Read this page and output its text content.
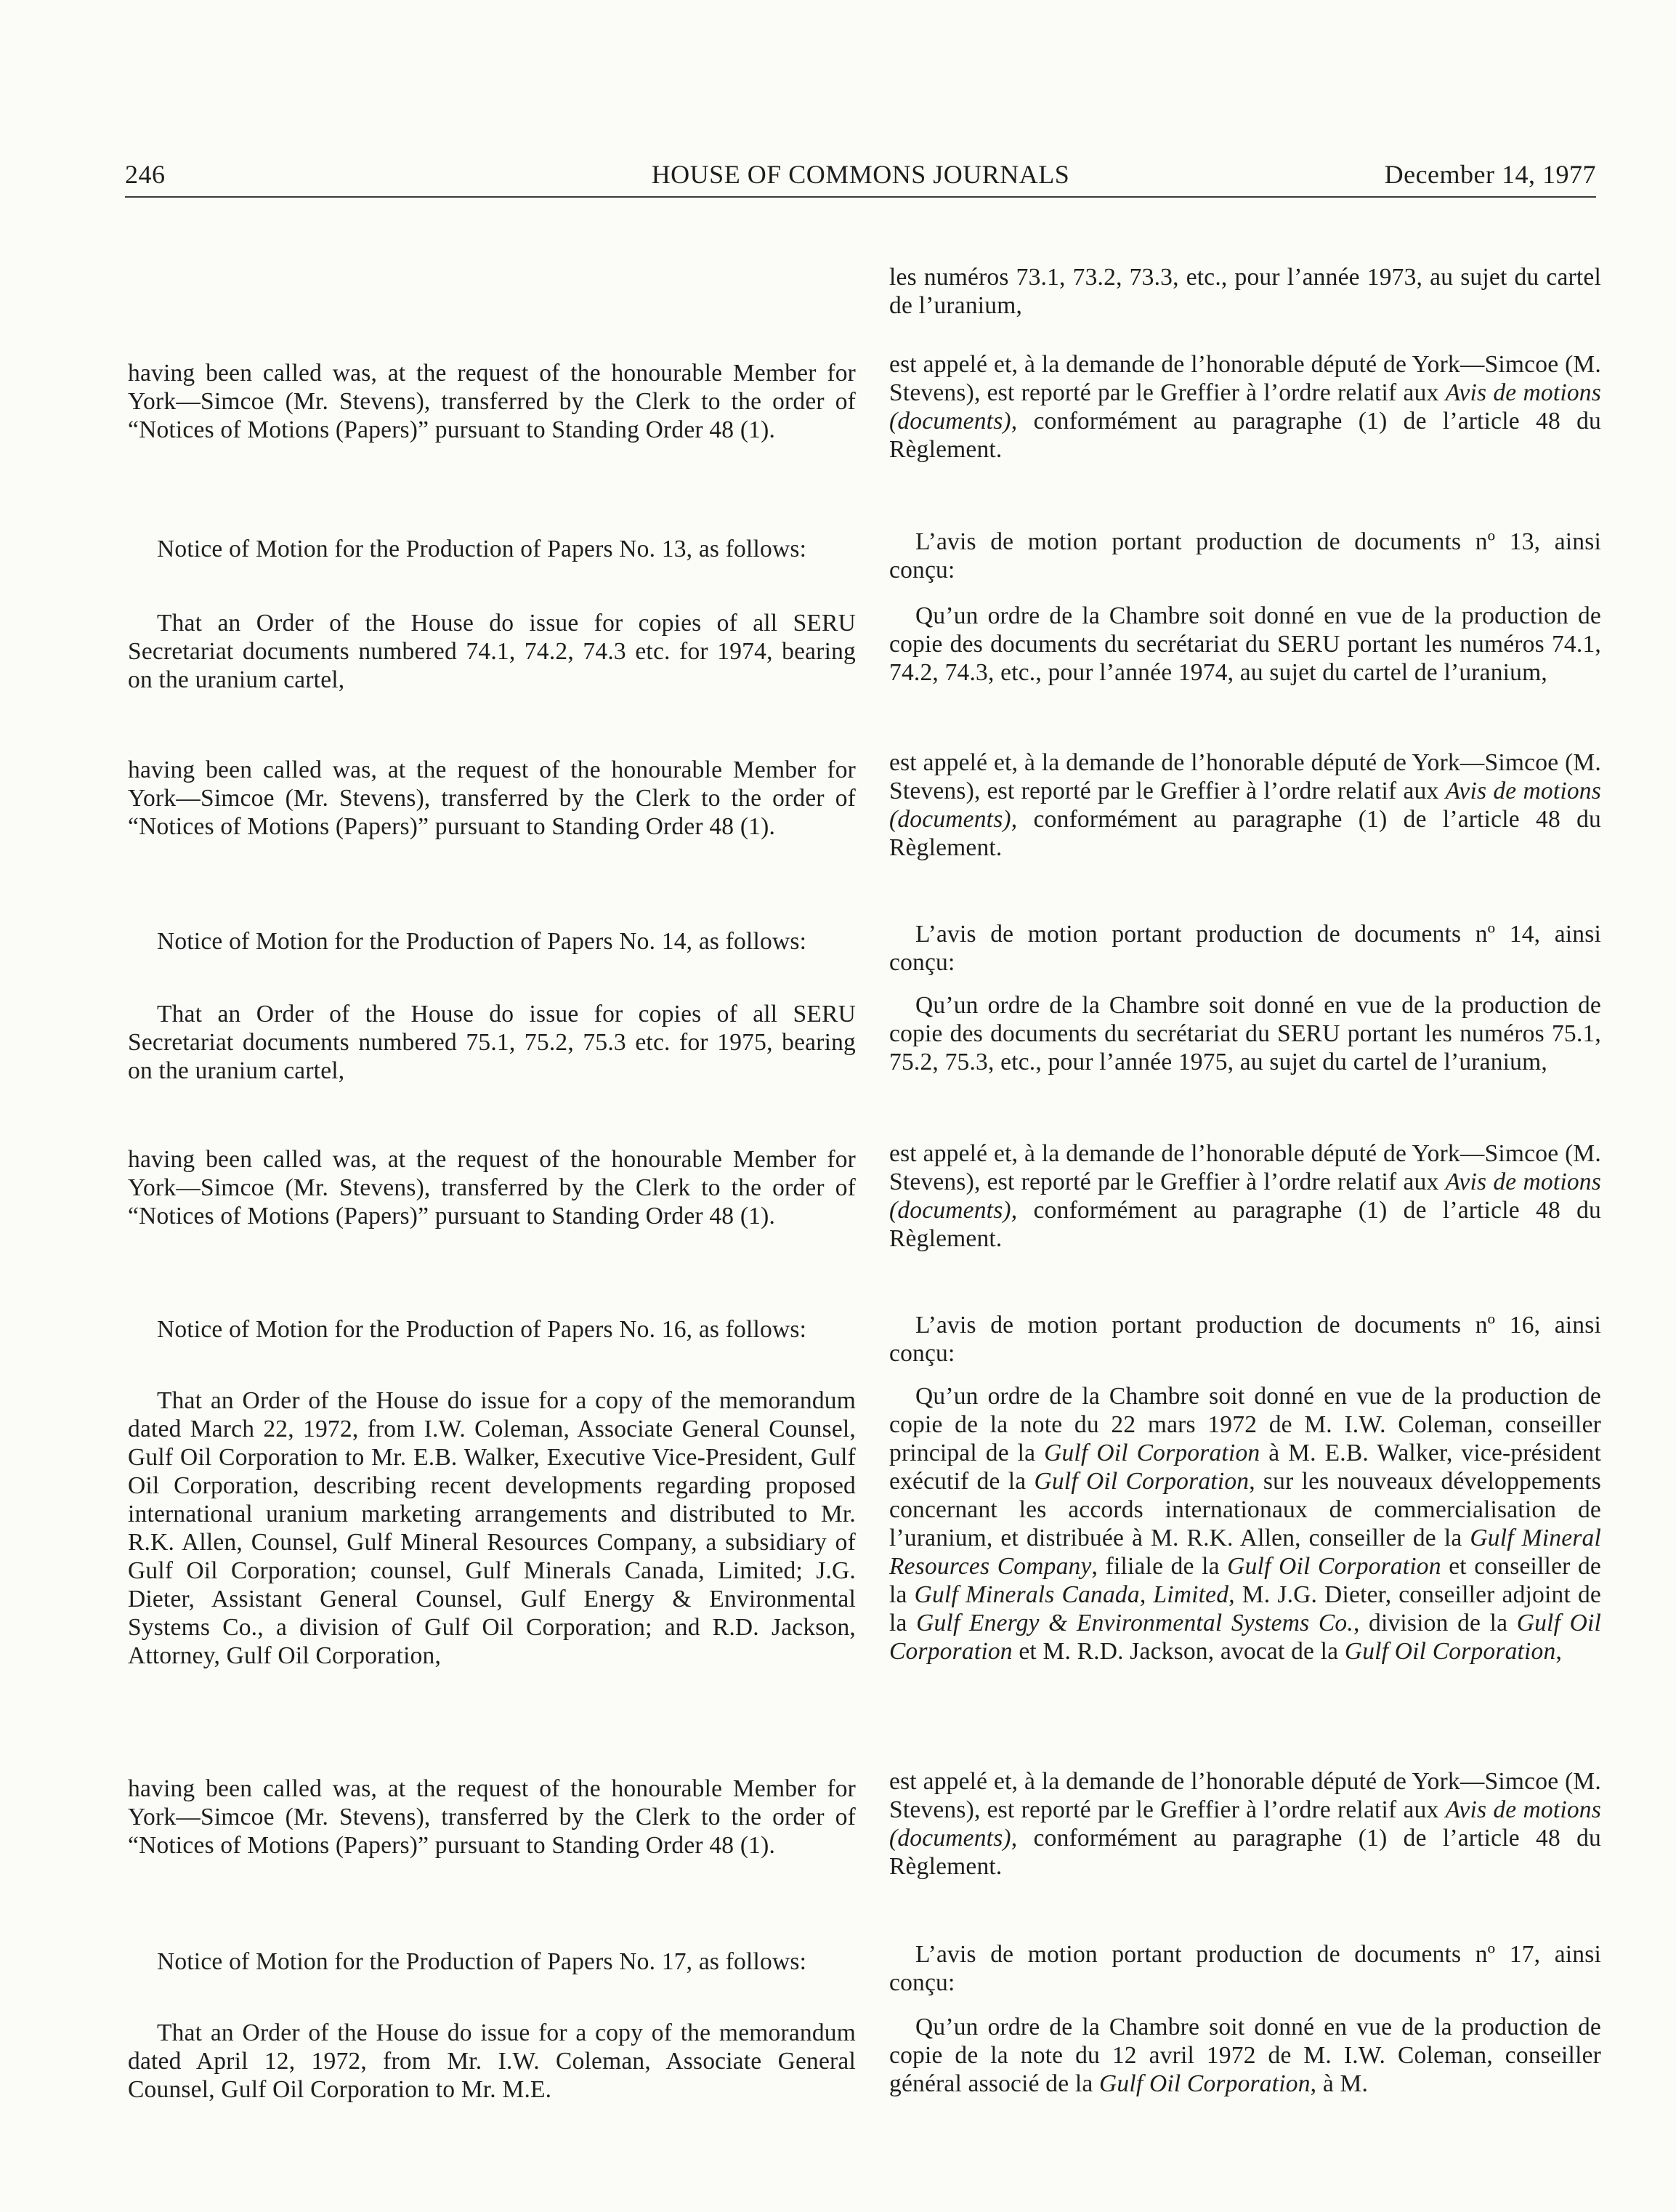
246	HOUSE OF COMMONS JOURNALS	December 14, 1977

having been called was, at the request of the honourable Member for York—Simcoe (Mr. Stevens), transferred by the Clerk to the order of “Notices of Motions (Papers)” pursuant to Standing Order 48 (1).

Notice of Motion for the Production of Papers No. 13, as follows:

That an Order of the House do issue for copies of all SERU Secretariat documents numbered 74.1, 74.2, 74.3 etc. for 1974, bearing on the uranium cartel,

having been called was, at the request of the honourable Member for York—Simcoe (Mr. Stevens), transferred by the Clerk to the order of “Notices of Motions (Papers)” pursuant to Standing Order 48 (1).

Notice of Motion for the Production of Papers No. 14, as follows:

That an Order of the House do issue for copies of all SERU Secretariat documents numbered 75.1, 75.2, 75.3 etc. for 1975, bearing on the uranium cartel,

having been called was, at the request of the honourable Member for York—Simcoe (Mr. Stevens), transferred by the Clerk to the order of “Notices of Motions (Papers)” pursuant to Standing Order 48 (1).

Notice of Motion for the Production of Papers No. 16, as follows:

That an Order of the House do issue for a copy of the memorandum dated March 22, 1972, from I.W. Coleman, Associate General Counsel, Gulf Oil Corporation to Mr. E.B. Walker, Executive Vice-President, Gulf Oil Corporation, describing recent developments regarding proposed international uranium marketing arrangements and distributed to Mr. R.K. Allen, Counsel, Gulf Mineral Resources Company, a subsidiary of Gulf Oil Corporation; counsel, Gulf Minerals Canada, Limited; J.G. Dieter, Assistant General Counsel, Gulf Energy & Environmental Systems Co., a division of Gulf Oil Corporation; and R.D. Jackson, Attorney, Gulf Oil Corporation,

having been called was, at the request of the honourable Member for York—Simcoe (Mr. Stevens), transferred by the Clerk to the order of “Notices of Motions (Papers)” pursuant to Standing Order 48 (1).

Notice of Motion for the Production of Papers No. 17, as follows:

That an Order of the House do issue for a copy of the memorandum dated April 12, 1972, from Mr. I.W. Coleman, Associate General Counsel, Gulf Oil Corporation to Mr. M.E.

les numéros 73.1, 73.2, 73.3, etc., pour l’année 1973, au sujet du cartel de l’uranium,

est appelé et, à la demande de l’honorable député de York—Simcoe (M. Stevens), est reporté par le Greffier à l’ordre relatif aux Avis de motions (documents), conformément au paragraphe (1) de l’article 48 du Règlement.

L’avis de motion portant production de documents nº 13, ainsi conçu:

Qu’un ordre de la Chambre soit donné en vue de la production de copie des documents du secrétariat du SERU portant les numéros 74.1, 74.2, 74.3, etc., pour l’année 1974, au sujet du cartel de l’uranium,

est appelé et, à la demande de l’honorable député de York—Simcoe (M. Stevens), est reporté par le Greffier à l’ordre relatif aux Avis de motions (documents), conformément au paragraphe (1) de l’article 48 du Règlement.

L’avis de motion portant production de documents nº 14, ainsi conçu:

Qu’un ordre de la Chambre soit donné en vue de la production de copie des documents du secrétariat du SERU portant les numéros 75.1, 75.2, 75.3, etc., pour l’année 1975, au sujet du cartel de l’uranium,

est appelé et, à la demande de l’honorable député de York—Simcoe (M. Stevens), est reporté par le Greffier à l’ordre relatif aux Avis de motions (documents), conformément au paragraphe (1) de l’article 48 du Règlement.

L’avis de motion portant production de documents nº 16, ainsi conçu:

Qu’un ordre de la Chambre soit donné en vue de la production de copie de la note du 22 mars 1972 de M. I.W. Coleman, conseiller principal de la Gulf Oil Corporation à M. E.B. Walker, vice-président exécutif de la Gulf Oil Corporation, sur les nouveaux développements concernant les accords internationaux de commercialisation de l’uranium, et distribuée à M. R.K. Allen, conseiller de la Gulf Mineral Resources Company, filiale de la Gulf Oil Corporation et conseiller de la Gulf Minerals Canada, Limited, M. J.G. Dieter, conseiller adjoint de la Gulf Energy & Environmental Systems Co., division de la Gulf Oil Corporation et M. R.D. Jackson, avocat de la Gulf Oil Corporation,

est appelé et, à la demande de l’honorable député de York—Simcoe (M. Stevens), est reporté par le Greffier à l’ordre relatif aux Avis de motions (documents), conformément au paragraphe (1) de l’article 48 du Règlement.

L’avis de motion portant production de documents nº 17, ainsi conçu:

Qu’un ordre de la Chambre soit donné en vue de la production de copie de la note du 12 avril 1972 de M. I.W. Coleman, conseiller général associé de la Gulf Oil Corporation, à M.
